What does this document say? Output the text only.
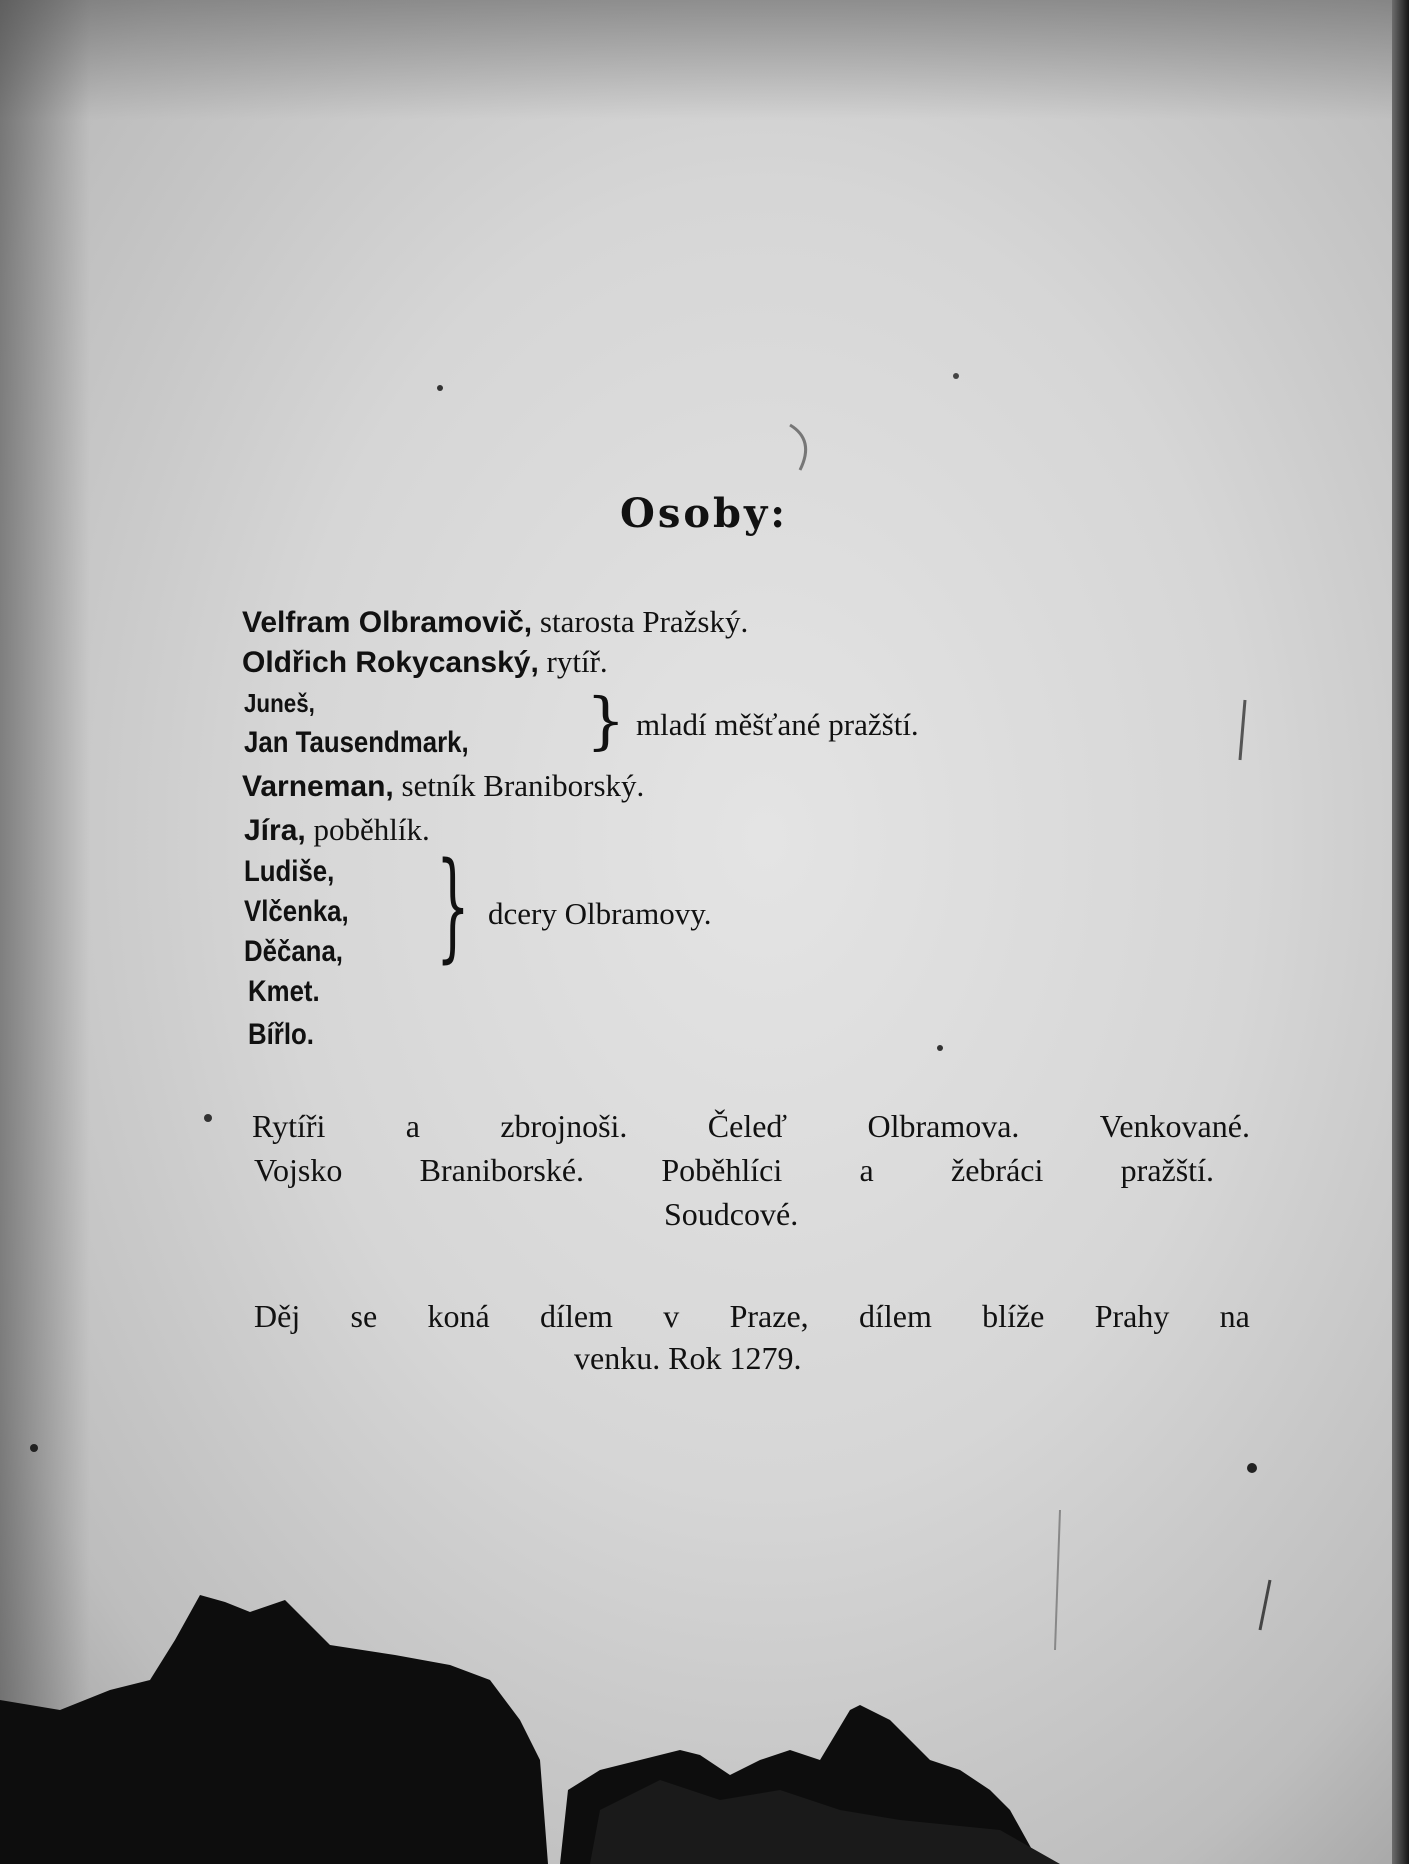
Osoby:
Velfram Olbramovič, starosta Pražský.
Oldřich Rokycanský, rytíř.
Juneš,
Jan Tausendmark, } mladí měšťané pražští.
Varneman, setník Braniborský.
Jíra, poběhlík.
Ludiše,
Vlčenka,
Děčana, } dcery Olbramovy.
Kmet.
Bířlo.
Rytíři	a	zbrojnoši.	Čeleď	Olbramova.	Venkované.
Vojsko Braniborské. Poběhlíci a žebráci pražští.
Soudcové.
Děj se koná dílem v Praze, dílem blíže Prahy na
venku. Rok 1279.
